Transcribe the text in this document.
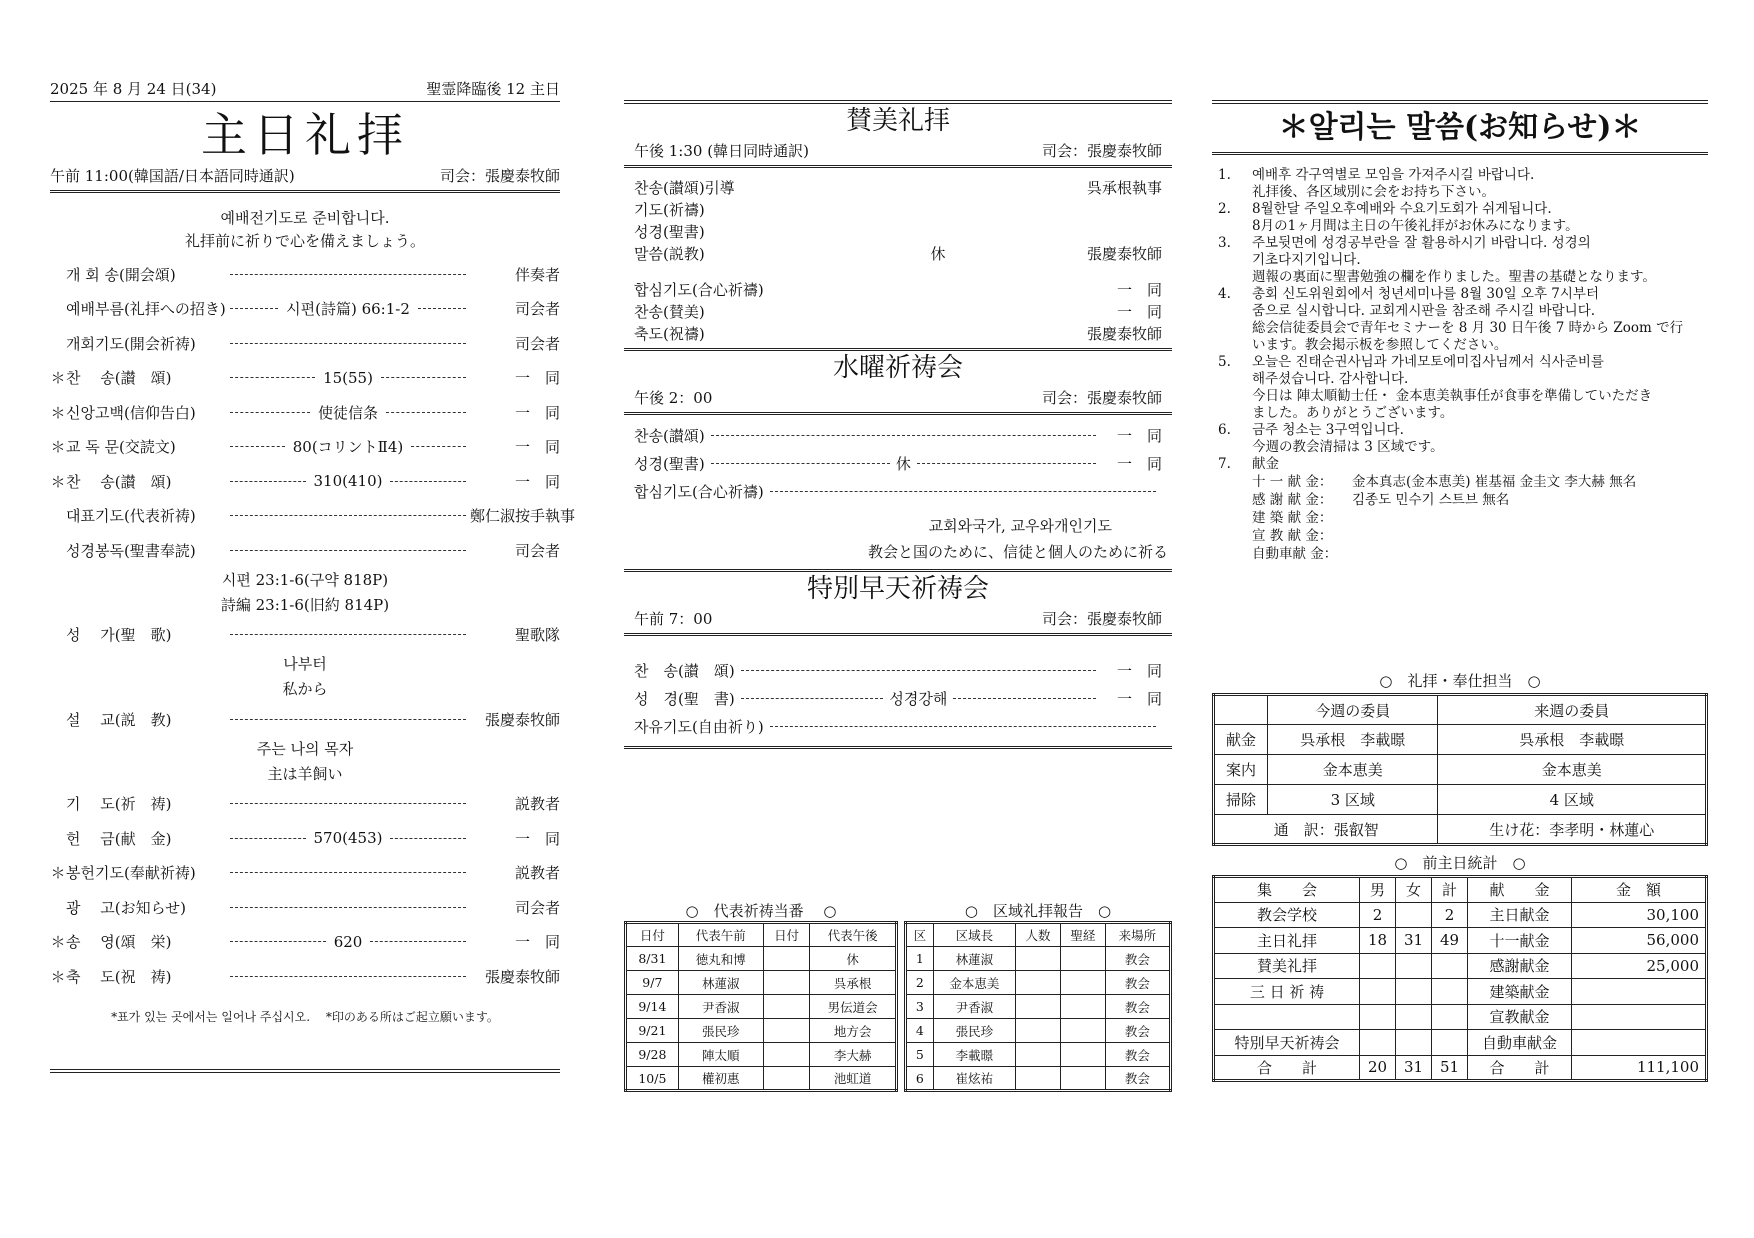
2025 年 8 月 24 日(34)	聖霊降臨後 12 主日
主日礼拝
午前 11:00(韓国語/日本語同時通訳)	司会：張慶泰牧師
예배전기도로 준비합니다.
礼拝前に祈りで心を備えましょう。
개 회 송(開会頌)	伴奏者
예배부름(礼拝への招き)	시편(詩篇) 66:1-2	司会者
개회기도(開会祈祷)	司会者
＊ 찬　 송(讃　頌)	15(55)	一　同
＊ 신앙고백(信仰告白)	使徒信条	一　同
＊ 교 독 문(交読文)	80(コリントⅡ4)	一　同
＊ 찬　 송(讃　頌)	310(410)	一　同
대표기도(代表祈祷)	鄭仁淑按手執事
성경봉독(聖書奉読)	司会者
시편 23:1-6(구약 818P)
詩編 23:1-6(旧約 814P)
성　 가(聖　歌)	聖歌隊
나부터
私から
설　 교(説　教)	張慶泰牧師
주는 나의 목자
主は羊飼い
기　 도(祈　祷)	説教者
헌　 금(献　金)	570(453)	一　同
＊ 봉헌기도(奉献祈祷)	説教者
광　 고(お知らせ)	司会者
＊ 송　 영(頌　栄)	620	一　同
＊ 축　 도(祝　祷)	張慶泰牧師
*표가 있는 곳에서는 일어나 주십시오.　 *印のある所はご起立願います。
賛美礼拝
午後 1:30 (韓日同時通訳)	司会：張慶泰牧師
찬송(讃頌)引導	呉承根執事
기도(祈禱)
성경(聖書)
말씀(説教)	休	張慶泰牧師
합심기도(合心祈禱)	一　同
찬송(賛美)	一　同
축도(祝禱)	張慶泰牧師
水曜祈祷会
午後 2：00	司会：張慶泰牧師
찬송(讃頌)	一　同
성경(聖書)	休	一　同
합심기도(合心祈禱)
교회와국가, 교우와개인기도
教会と国のために、信徒と個人のために祈る
特別早天祈祷会
午前 7：00	司会：張慶泰牧師
찬　송(讃　頌)	一　同
성　경(聖　書)	성경강해	一　同
자유기도(自由祈り)
○　代表祈祷当番　 ○
日付	代表午前	日付	代表午後
8/31	徳丸和博		休
9/7	林蓮淑		呉承根
9/14	尹香淑		男伝道会
9/21	張民珍		地方会
9/28	陣太順		李大赫
10/5	權初惠		池虹道
○　区域礼拝報告　○
区	区域長	人数	聖経	来場所
1	林蓮淑			教会
2	金本恵美			教会
3	尹香淑			教会
4	張民珍			教会
5	李載暻			教会
6	崔炫祐			教会
＊알리는 말씀(お知らせ)＊
1.	예배후 각구역별로 모임을 가져주시길 바랍니다.
礼拝後、各区域別に会をお持ち下さい。
2.	8월한달 주일오후예배와 수요기도회가 쉬게됩니다.
8月の1ヶ月間は主日の午後礼拝がお休みになります。
3.	주보뒷면에 성경공부란을 잘 활용하시기 바랍니다. 성경의
기초다지기입니다.
週報の裏面に聖書勉強の欄を作りました。聖書の基礎となります。
4.	총회 신도위원회에서 청년세미나를 8월 30일 오후 7시부터
줌으로 실시합니다. 교회게시판을 참조해 주시길 바랍니다.
総会信徒委員会で青年セミナーを 8 月 30 日午後 7 時から Zoom で行
います。教会掲示板を参照してください。
5.	오늘은 진태순권사님과 가네모토에미집사님께서 식사준비를
해주셨습니다. 감사합니다.
今日は 陣太順勧士任・ 金本恵美執事任が食事を準備していただき
ました。ありがとうございます。
6.	금주 청소는 3구역입니다.
今週の教会清掃は 3 区域です。
7.	献金
十 一 献 金：	金本真志(金本恵美) 崔基福 金圭文 李大赫 無名
感 謝 献 金：	김종도 민수기 스트브 無名
建 築 献 金：
宣 教 献 金：
自動車献 金：
○　礼拝・奉仕担当　○
	今週の委員	来週の委員
献金	呉承根　李載暻	呉承根　李載暻
案内	金本恵美	金本恵美
掃除	3 区域	4 区域
通　訳：張叡智		生け花：李孝明・林蓮心
○　前主日統計　○
集　　会	男	女	計	献　　金	金　額
教会学校	2		2	主日献金	30,100
主日礼拝	18	31	49	十一献金	56,000
賛美礼拝				感謝献金	25,000
三 日 祈 祷				建築献金	
				宣教献金	
特別早天祈祷会				自動車献金	
合　　計	20	31	51	合　　計	111,100
